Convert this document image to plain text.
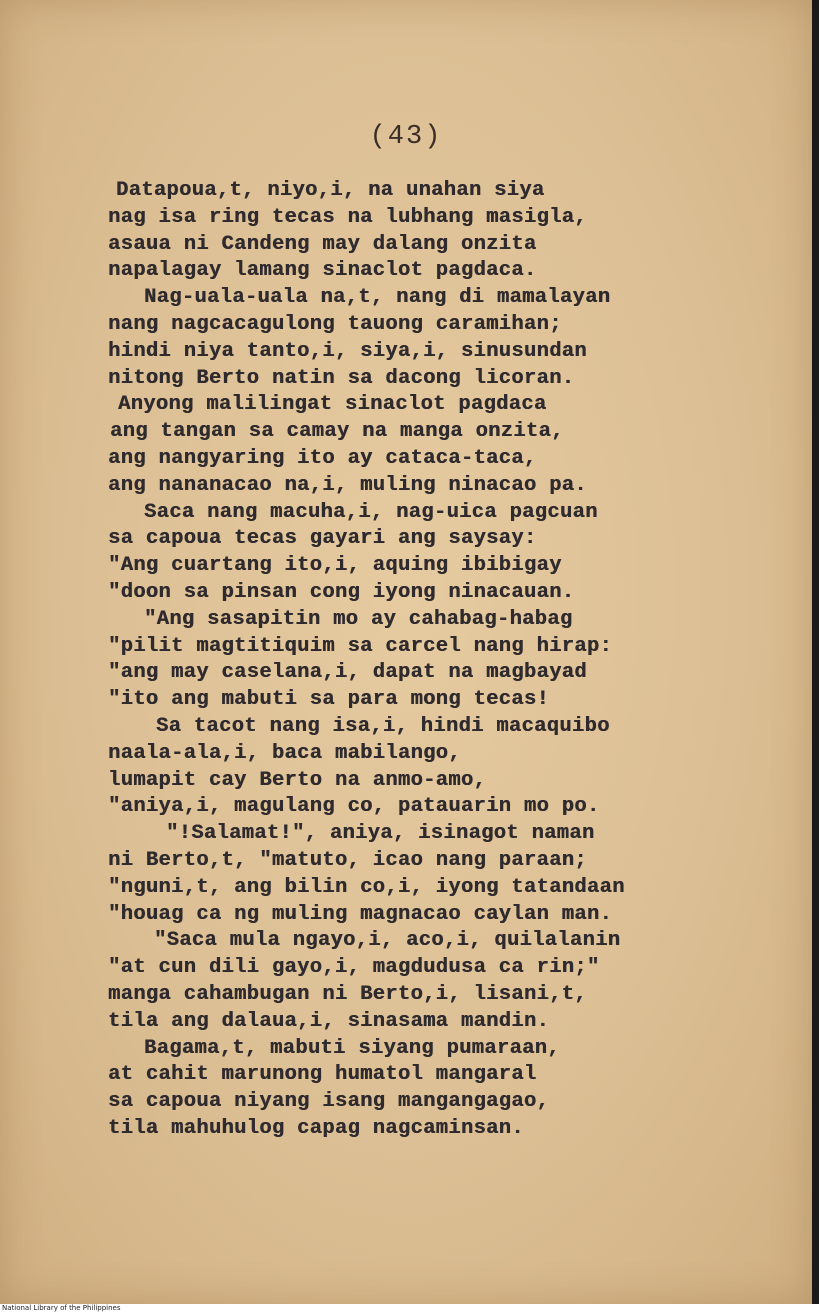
(43)
Datapoua,t, niyo,i, na unahan siya
nag isa ring tecas na lubhang masigla,
asaua ni Candeng may dalang onzita
napalagay lamang sinaclot pagdaca.
Nag-uala-uala na,t, nang di mamalayan
nang nagcacagulong tauong caramihan;
hindi niya tanto,i, siya,i, sinusundan
nitong Berto natin sa dacong licoran.
Anyong malilingat sinaclot pagdaca
ang tangan sa camay na manga onzita,
ang nangyaring ito ay cataca-taca,
ang nananacao na,i, muling ninacao pa.
Saca nang macuha,i, nag-uica pagcuan
sa capoua tecas gayari ang saysay:
"Ang cuartang ito,i, aquing ibibigay
"doon sa pinsan cong iyong ninacauan.
"Ang sasapitin mo ay cahabag-habag
"pilit magtitiquim sa carcel nang hirap:
"ang may caselana,i, dapat na magbayad
"ito ang mabuti sa para mong tecas!
Sa tacot nang isa,i, hindi macaquibo
naala-ala,i, baca mabilango,
lumapit cay Berto na anmo-amo,
"aniya,i, magulang co, patauarin mo po.
"!Salamat!", aniya, isinagot naman
ni Berto,t, "matuto, icao nang paraan;
"nguni,t, ang bilin co,i, iyong tatandaan
"houag ca ng muling magnacao caylan man.
"Saca mula ngayo,i, aco,i, quilalanin
"at cun dili gayo,i, magdudusa ca rin;"
manga cahambugan ni Berto,i, lisani,t,
tila ang dalaua,i, sinasama mandin.
Bagama,t, mabuti siyang pumaraan,
at cahit marunong humatol mangaral
sa capoua niyang isang mangangagao,
tila mahuhulog capag nagcaminsan.
National Library of the Philippines
